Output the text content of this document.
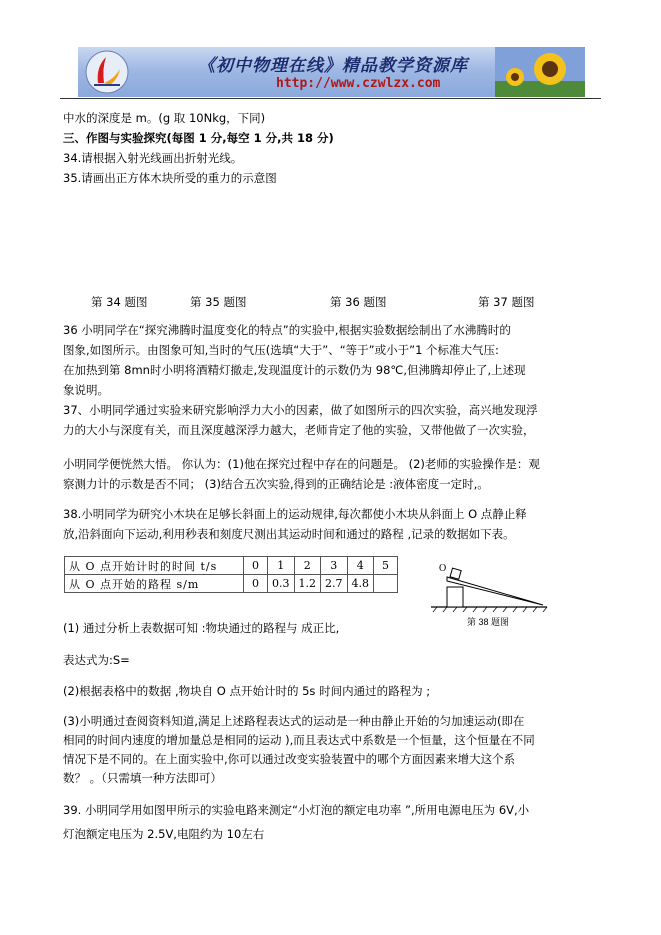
《初中物理在线》精品教学资源库
http://www.czwlzx.com
中水的深度是 m。(g 取 10Nkg，下同)
三、作图与实验探究(每图 1 分,每空 1 分,共 18 分)
34.请根据入射光线画出折射光线。
35.请画出正方体木块所受的重力的示意图
第 34 题图	第 35 题图	第 36 题图	第 37 题图
36 小明同学在“探究沸腾时温度变化的特点”的实验中,根据实验数据绘制出了水沸腾时的
图象,如图所示。由图象可知,当时的气压(选填“大于”、“等于”或小于”1 个标准大气压:
在加热到第 8mn时小明将酒精灯撤走,发现温度计的示数仍为 98℃,但沸腾却停止了,上述现
象说明。
37、小明同学通过实验来研究影响浮力大小的因素，做了如图所示的四次实验，高兴地发现浮
力的大小与深度有关，而且深度越深浮力越大，老师肯定了他的实验，又带他做了一次实验，
小明同学便恍然大悟。 你认为：(1)他在探究过程中存在的问题是。 (2)老师的实验操作是：观
察测力计的示数是否不同； (3)结合五次实验,得到的正确结论是 :液体密度一定时,。
38.小明同学为研究小木块在足够长斜面上的运动规律,每次都使小木块从斜面上 O 点静止释
放,沿斜面向下运动,利用秒表和刻度尺测出其运动时间和通过的路程 ,记录的数据如下表。
从 O 点开始计时的时间 t/s	0	1	2	3	4	5
从 O 点开始的路程 s/m	0	0.3	1.2	2.7	4.8	
O
第 38 题图
(1) 通过分析上表数据可知 :物块通过的路程与 成正比,
表达式为:S=
(2)根据表格中的数据 ,物块自 O 点开始计时的 5s 时间内通过的路程为 ;
(3)小明通过查阅资料知道,满足上述路程表达式的运动是一种由静止开始的匀加速运动(即在
相同的时间内速度的增加量总是相同的运动 ),而且表达式中系数是一个恒量，这个恒量在不同
情况下是不同的。在上面实验中,你可以通过改变实验装置中的哪个方面因素来增大这个系
数？ 。（只需填一种方法即可）
39. 小明同学用如图甲所示的实验电路来测定“小灯泡的额定电功率 ”,所用电源电压为 6V,小
灯泡额定电压为 2.5V,电阻约为 10左右
